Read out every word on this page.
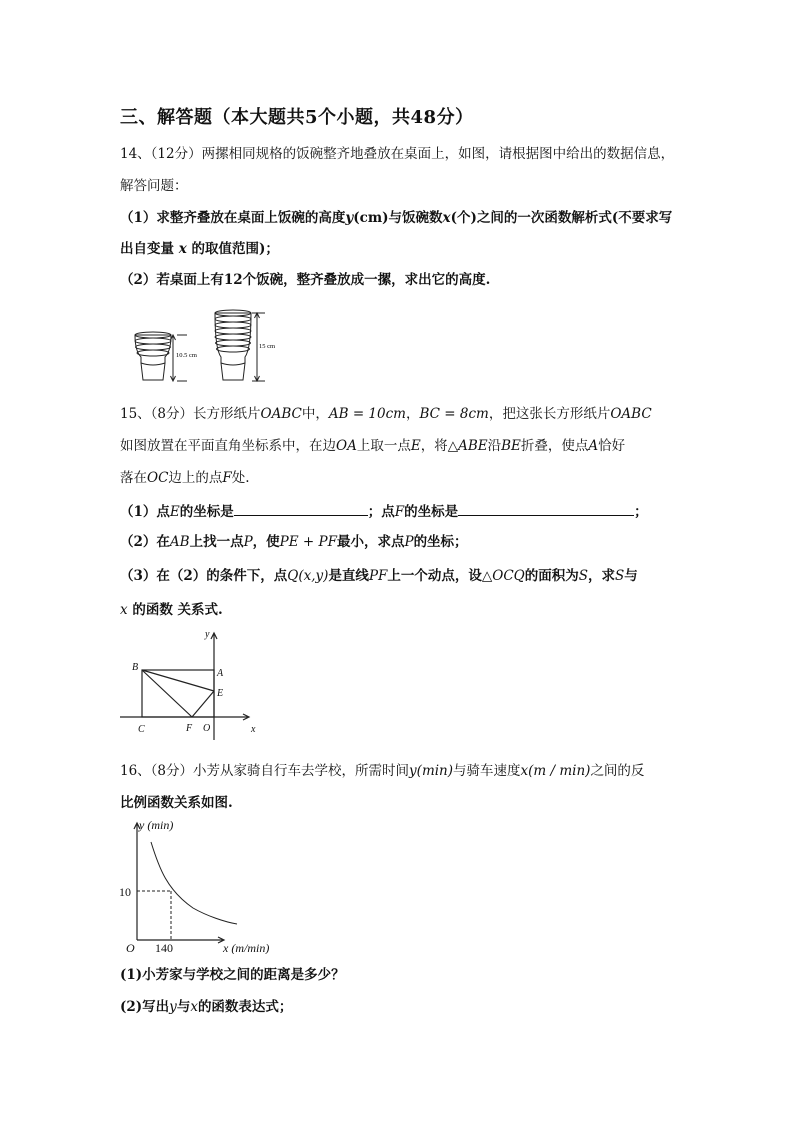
三、解答题（本大题共5个小题，共48分）
14、（12分）两摞相同规格的饭碗整齐地叠放在桌面上，如图，请根据图中给出的数据信息，
解答问题：
（1）求整齐叠放在桌面上饭碗的高度y(cm)与饭碗数x(个)之间的一次函数解析式(不要求写
出自变量 x 的取值范围)；
（2）若桌面上有12个饭碗，整齐叠放成一摞，求出它的高度.
10.5 cm
15 cm
15、（8分）长方形纸片OABC中，AB = 10cm，BC = 8cm，把这张长方形纸片OABC
如图放置在平面直角坐标系中，在边OA上取一点E，将△ABE沿BE折叠，使点A恰好
落在OC边上的点F处.
（1）点E的坐标是	；点F的坐标是	；
（2）在AB上找一点P，使PE + PF最小，求点P的坐标；
（3）在（2）的条件下，点Q(x,y)是直线PF上一个动点，设△OCQ的面积为S，求S与
x 的函数 关系式.
y
B
A
E
C	F O	x
16、（8分）小芳从家骑自行车去学校，所需时间y(min)与骑车速度x(m / min)之间的反
比例函数关系如图.
y (min)
10
O 140	x (m/min)
(1)小芳家与学校之间的距离是多少？
(2)写出y与x的函数表达式；
